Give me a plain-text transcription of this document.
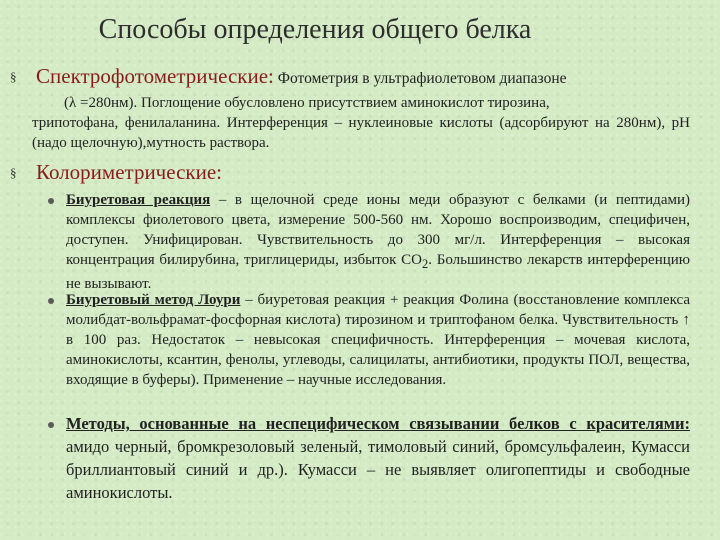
Способы определения общего белка
§ Спектрофотометрические: Фотометрия в ультрафиолетовом диапазоне
(λ =280нм). Поглощение обусловлено присутствием аминокислот тирозина,
трипотофана, фенилаланина. Интерференция – нуклеиновые кислоты (адсорбируют на 280нм), pH (надо щелочную),мутность раствора.
§ Колориметрические:
Биуретовая реакция – в щелочной среде ионы меди образуют с белками (и пептидами) комплексы фиолетового цвета, измерение 500-560 нм. Хорошо воспроизводим, специфичен, доступен. Унифицирован. Чувствительность до 300 мг/л. Интерференция – высокая концентрация билирубина, триглицериды, избыток $CO_2$. Большинство лекарств интерференцию не вызывают.
Биуретовый метод Лоури – биуретовая реакция + реакция Фолина (восстановление комплекса молибдат-вольфрамат-фосфорная кислота) тирозином и триптофаном белка. Чувствительность ↑ в 100 раз. Недостаток – невысокая специфичность. Интерференция – мочевая кислота, аминокислоты, ксантин, фенолы, углеводы, салицилаты, антибиотики, продукты ПОЛ, вещества, входящие в буферы). Применение – научные исследования.
Методы, основанные на неспецифическом связывании белков с красителями: амидо черный, бромкрезоловый зеленый, тимоловый синий, бромсульфалеин, Кумасси бриллиантовый синий и др.). Кумасси – не выявляет олигопептиды и свободные аминокислоты.
